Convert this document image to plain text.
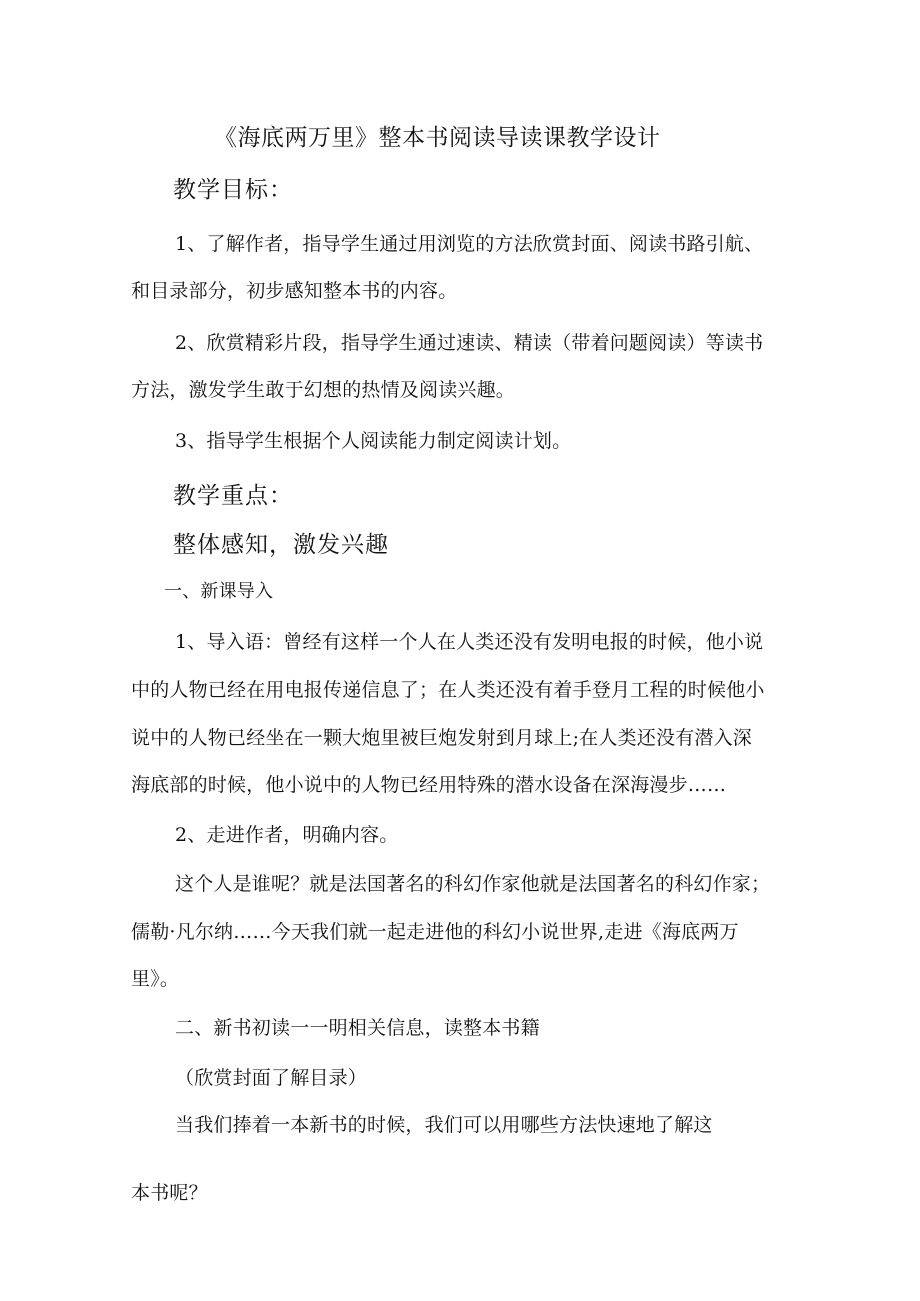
《海底两万里》整本书阅读导读课教学设计
教学目标：
1、了解作者，指导学生通过用浏览的方法欣赏封面、阅读书路引航、
和目录部分，初步感知整本书的内容。
2、欣赏精彩片段，指导学生通过速读、精读（带着问题阅读）等读书
方法，激发学生敢于幻想的热情及阅读兴趣。
3、指导学生根据个人阅读能力制定阅读计划。
教学重点：
整体感知，激发兴趣
一、新课导入
1、导入语：曾经有这样一个人在人类还没有发明电报的时候，他小说
中的人物已经在用电报传递信息了；在人类还没有着手登月工程的时候他小
说中的人物已经坐在一颗大炮里被巨炮发射到月球上;在人类还没有潜入深
海底部的时候，他小说中的人物已经用特殊的潜水设备在深海漫步……
2、走进作者，明确内容。
这个人是谁呢？就是法国著名的科幻作家他就是法国著名的科幻作家；
儒勒·凡尔纳……今天我们就一起走进他的科幻小说世界,走进《海底两万
里》。
二、新书初读一一明相关信息，读整本书籍
（欣赏封面了解目录）
当我们捧着一本新书的时候，我们可以用哪些方法快速地了解这
本书呢？
